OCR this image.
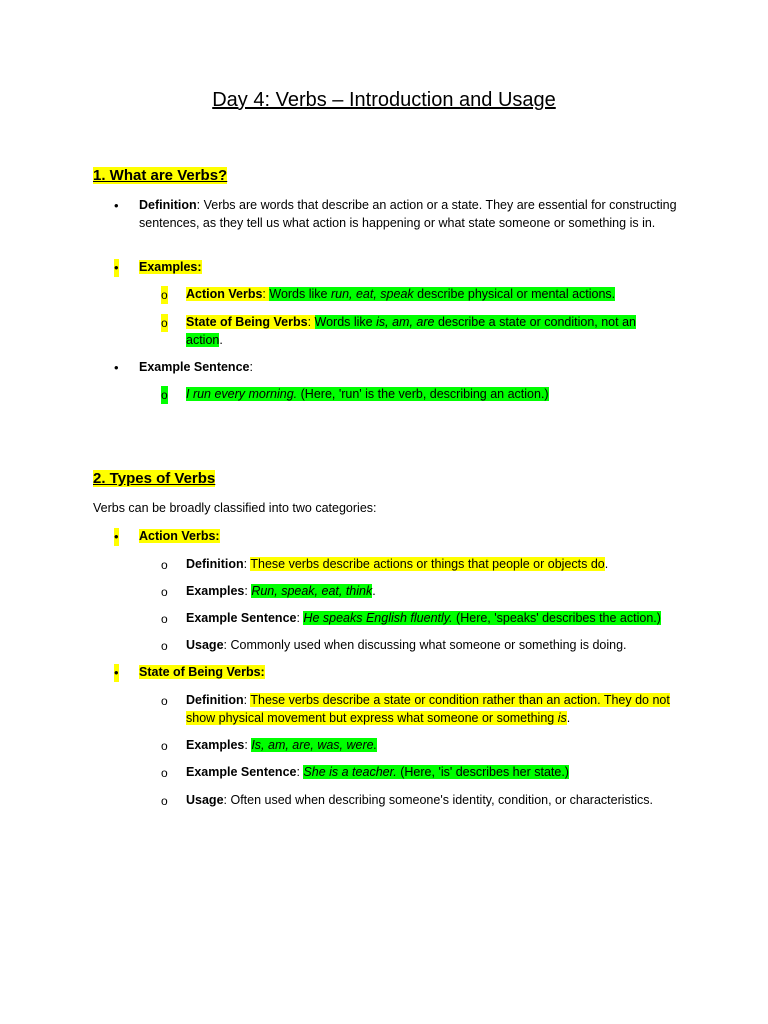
Day 4: Verbs – Introduction and Usage
1. What are Verbs?
• Definition: Verbs are words that describe an action or a state. They are essential for constructing sentences, as they tell us what action is happening or what state someone or something is in.
• Examples:
o Action Verbs: Words like run, eat, speak describe physical or mental actions.
o State of Being Verbs: Words like is, am, are describe a state or condition, not an action.
• Example Sentence:
o I run every morning. (Here, 'run' is the verb, describing an action.)
2. Types of Verbs
Verbs can be broadly classified into two categories:
• Action Verbs:
o Definition: These verbs describe actions or things that people or objects do.
o Examples: Run, speak, eat, think.
o Example Sentence: He speaks English fluently. (Here, 'speaks' describes the action.)
o Usage: Commonly used when discussing what someone or something is doing.
• State of Being Verbs:
o Definition: These verbs describe a state or condition rather than an action. They do not show physical movement but express what someone or something is.
o Examples: Is, am, are, was, were.
o Example Sentence: She is a teacher. (Here, 'is' describes her state.)
o Usage: Often used when describing someone's identity, condition, or characteristics.
